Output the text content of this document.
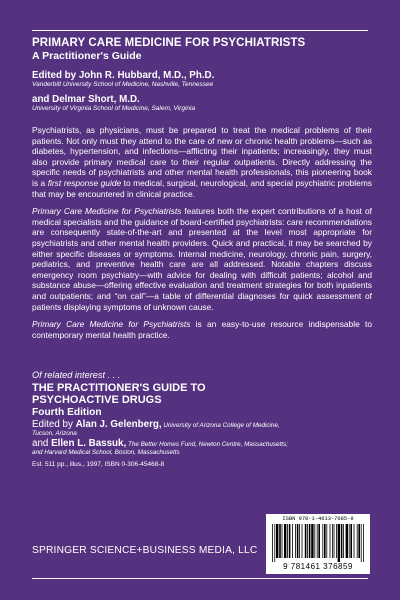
PRIMARY CARE MEDICINE FOR PSYCHIATRISTS
A Practitioner's Guide
Edited by John R. Hubbard, M.D., Ph.D.
Vanderbilt University School of Medicine, Nashville, Tennessee
and Delmar Short, M.D.
University of Virginia School of Medicine, Salem, Virginia

Psychiatrists, as physicians, must be prepared to treat the medical problems of their patients. Not only must they attend to the care of new or chronic health problems—such as diabetes, hypertension, and infections—afflicting their inpatients; increasingly, they must also provide primary medical care to their regular outpatients. Directly addressing the specific needs of psychiatrists and other mental health professionals, this pioneering book is a first response guide to medical, surgical, neurological, and special psychiatric problems that may be encountered in clinical practice.

Primary Care Medicine for Psychiatrists features both the expert contributions of a host of medical specialists and the guidance of board-certified psychiatrists: care recommendations are consequently state-of-the-art and presented at the level most appropriate for psychiatrists and other mental health providers. Quick and practical, it may be searched by either specific diseases or symptoms. Internal medicine, neurology, chronic pain, surgery, pediatrics, and preventive health care are all addressed. Notable chapters discuss emergency room psychiatry—with advice for dealing with difficult patients; alcohol and substance abuse—offering effective evaluation and treatment strategies for both inpatients and outpatients; and “on call”—a table of differential diagnoses for quick assessment of patients displaying symptoms of unknown cause.

Primary Care Medicine for Psychiatrists is an easy-to-use resource indispensable to contemporary mental health practice.

Of related interest . . .
THE PRACTITIONER'S GUIDE TO
PSYCHOACTIVE DRUGS
Fourth Edition
Edited by Alan J. Gelenberg, University of Arizona College of Medicine,
Tucson, Arizona
and Ellen L. Bassuk, The Better Homes Fund, Newton Centre, Massachusetts;
and Harvard Medical School, Boston, Massachusetts
Est. 511 pp., illus., 1997, ISBN 0-306-45468-8
SPRINGER SCIENCE+BUSINESS MEDIA, LLC
ISBN 978-1-4613-7685-9
9 781461 376859
